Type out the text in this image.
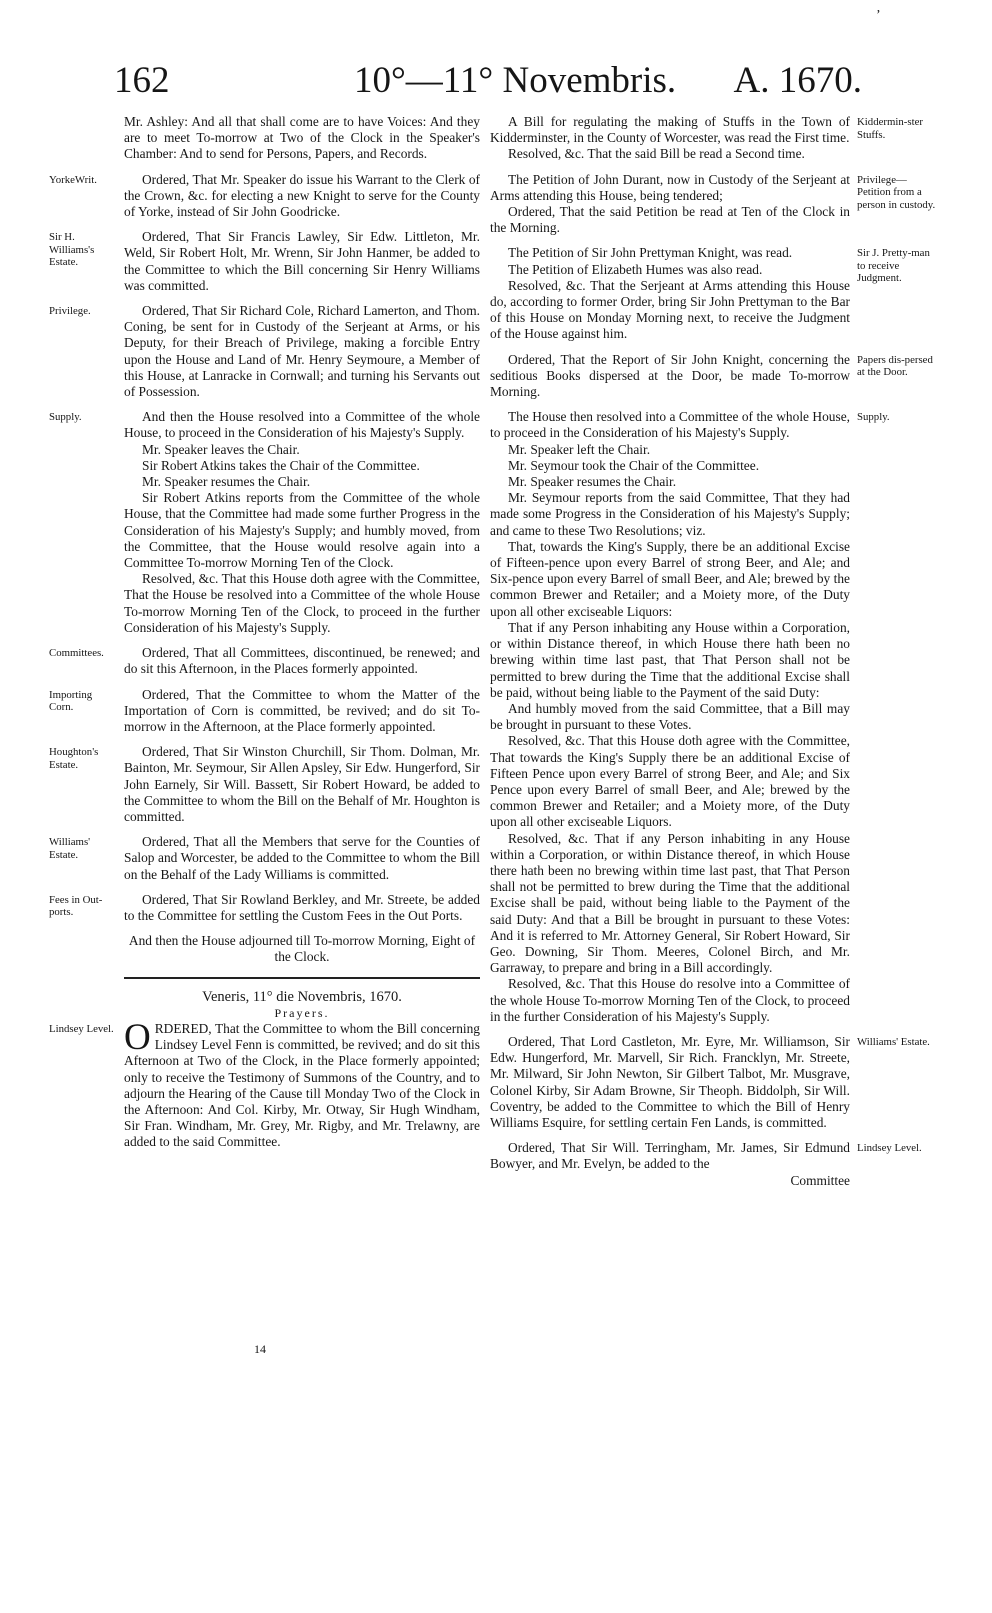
’
162	10°—11° Novembris. A. 1670.

Mr. Ashley: And all that shall come are to have Voices: And they are to meet To-morrow at Two of the Clock in the Speaker's Chamber: And to send for Persons, Papers, and Records.

Ordered, That Mr. Speaker do issue his Warrant to the Clerk of the Crown, &c. for electing a new Knight to serve for the County of Yorke, instead of Sir John Goodricke.

Ordered, That Sir Francis Lawley, Sir Edw. Littleton, Mr. Weld, Sir Robert Holt, Mr. Wrenn, Sir John Hanmer, be added to the Committee to which the Bill concerning Sir Henry Williams was committed.

Ordered, That Sir Richard Cole, Richard Lamerton, and Thom. Coning, be sent for in Custody of the Serjeant at Arms, or his Deputy, for their Breach of Privilege, making a forcible Entry upon the House and Land of Mr. Henry Seymoure, a Member of this House, at Lanracke in Cornwall; and turning his Servants out of Possession.

And then the House resolved into a Committee of the whole House, to proceed in the Consideration of his Majesty's Supply.

Mr. Speaker leaves the Chair.

Sir Robert Atkins takes the Chair of the Committee.

Mr. Speaker resumes the Chair.

Sir Robert Atkins reports from the Committee of the whole House, that the Committee had made some further Progress in the Consideration of his Majesty's Supply; and humbly moved, from the Committee, that the House would resolve again into a Committee To-morrow Morning Ten of the Clock.

Resolved, &c. That this House doth agree with the Committee, That the House be resolved into a Committee of the whole House To-morrow Morning Ten of the Clock, to proceed in the further Consideration of his Majesty's Supply.

Ordered, That all Committees, discontinued, be renewed; and do sit this Afternoon, in the Places formerly appointed.

Ordered, That the Committee to whom the Matter of the Importation of Corn is committed, be revived; and do sit To-morrow in the Afternoon, at the Place formerly appointed.

Ordered, That Sir Winston Churchill, Sir Thom. Dolman, Mr. Bainton, Mr. Seymour, Sir Allen Apsley, Sir Edw. Hungerford, Sir John Earnely, Sir Will. Bassett, Sir Robert Howard, be added to the Committee to whom the Bill on the Behalf of Mr. Houghton is committed.

Ordered, That all the Members that serve for the Counties of Salop and Worcester, be added to the Committee to whom the Bill on the Behalf of the Lady Williams is committed.

Ordered, That Sir Rowland Berkley, and Mr. Streete, be added to the Committee for settling the Custom Fees in the Out Ports.

And then the House adjourned till To-morrow Morning, Eight of the Clock.

Veneris, 11° die Novembris, 1670.

Prayers.

ORDERED, That the Committee to whom the Bill concerning Lindsey Level Fenn is committed, be revived; and do sit this Afternoon at Two of the Clock, in the Place formerly appointed; only to receive the Testimony of Summons of the Country, and to adjourn the Hearing of the Cause till Monday Two of the Clock in the Afternoon: And Col. Kirby, Mr. Otway, Sir Hugh Windham, Sir Fran. Windham, Mr. Grey, Mr. Rigby, and Mr. Trelawny, are added to the said Committee.

14

A Bill for regulating the making of Stuffs in the Town of Kidderminster, in the County of Worcester, was read the First time.

Resolved, &c. That the said Bill be read a Second time.

The Petition of John Durant, now in Custody of the Serjeant at Arms attending this House, being tendered;

Ordered, That the said Petition be read at Ten of the Clock in the Morning.

The Petition of Sir John Prettyman Knight, was read.

The Petition of Elizabeth Humes was also read.

Resolved, &c. That the Serjeant at Arms attending this House do, according to former Order, bring Sir John Prettyman to the Bar of this House on Monday Morning next, to receive the Judgment of the House against him.

Ordered, That the Report of Sir John Knight, concerning the seditious Books dispersed at the Door, be made To-morrow Morning.

The House then resolved into a Committee of the whole House, to proceed in the Consideration of his Majesty's Supply.

Mr. Speaker left the Chair.

Mr. Seymour took the Chair of the Committee.

Mr. Speaker resumes the Chair.

Mr. Seymour reports from the said Committee, That they had made some Progress in the Consideration of his Majesty's Supply; and came to these Two Resolutions; viz.

That, towards the King's Supply, there be an additional Excise of Fifteen-pence upon every Barrel of strong Beer, and Ale; and Six-pence upon every Barrel of small Beer, and Ale; brewed by the common Brewer and Retailer; and a Moiety more, of the Duty upon all other exciseable Liquors:

That if any Person inhabiting any House within a Corporation, or within Distance thereof, in which House there hath been no brewing within time last past, that That Person shall not be permitted to brew during the Time that the additional Excise shall be paid, without being liable to the Payment of the said Duty:

And humbly moved from the said Committee, that a Bill may be brought in pursuant to these Votes.

Resolved, &c. That this House doth agree with the Committee, That towards the King's Supply there be an additional Excise of Fifteen Pence upon every Barrel of strong Beer, and Ale; and Six Pence upon every Barrel of small Beer, and Ale; brewed by the common Brewer and Retailer; and a Moiety more, of the Duty upon all other exciseable Liquors.

Resolved, &c. That if any Person inhabiting in any House within a Corporation, or within Distance thereof, in which House there hath been no brewing within time last past, that That Person shall not be permitted to brew during the Time that the additional Excise shall be paid, without being liable to the Payment of the said Duty: And that a Bill be brought in pursuant to these Votes: And it is referred to Mr. Attorney General, Sir Robert Howard, Sir Geo. Downing, Sir Thom. Meeres, Colonel Birch, and Mr. Garraway, to prepare and bring in a Bill accordingly.

Resolved, &c. That this House do resolve into a Committee of the whole House To-morrow Morning Ten of the Clock, to proceed in the further Consideration of his Majesty's Supply.

Ordered, That Lord Castleton, Mr. Eyre, Mr. Williamson, Sir Edw. Hungerford, Mr. Marvell, Sir Rich. Francklyn, Mr. Streete, Mr. Milward, Sir John Newton, Sir Gilbert Talbot, Mr. Musgrave, Colonel Kirby, Sir Adam Browne, Sir Theoph. Biddolph, Sir Will. Coventry, be added to the Committee to which the Bill of Henry Williams Esquire, for settling certain Fen Lands, is committed.

Ordered, That Sir Will. Terringham, Mr. James, Sir Edmund Bowyer, and Mr. Evelyn, be added to the

Committee

YorkeWrit.
Sir H. Williams's Estate.
Privilege.
Supply.
Committees.
Importing Corn.
Houghton's Estate.
Williams' Estate.
Fees in Out-ports.
Lindsey Level.
Kiddermin-ster Stuffs.
Privilege— Petition from a person in custody.
Sir J. Pretty-man to receive Judgment.
Papers dis-persed at the Door.
Supply.
Williams' Estate.
Lindsey Level.
